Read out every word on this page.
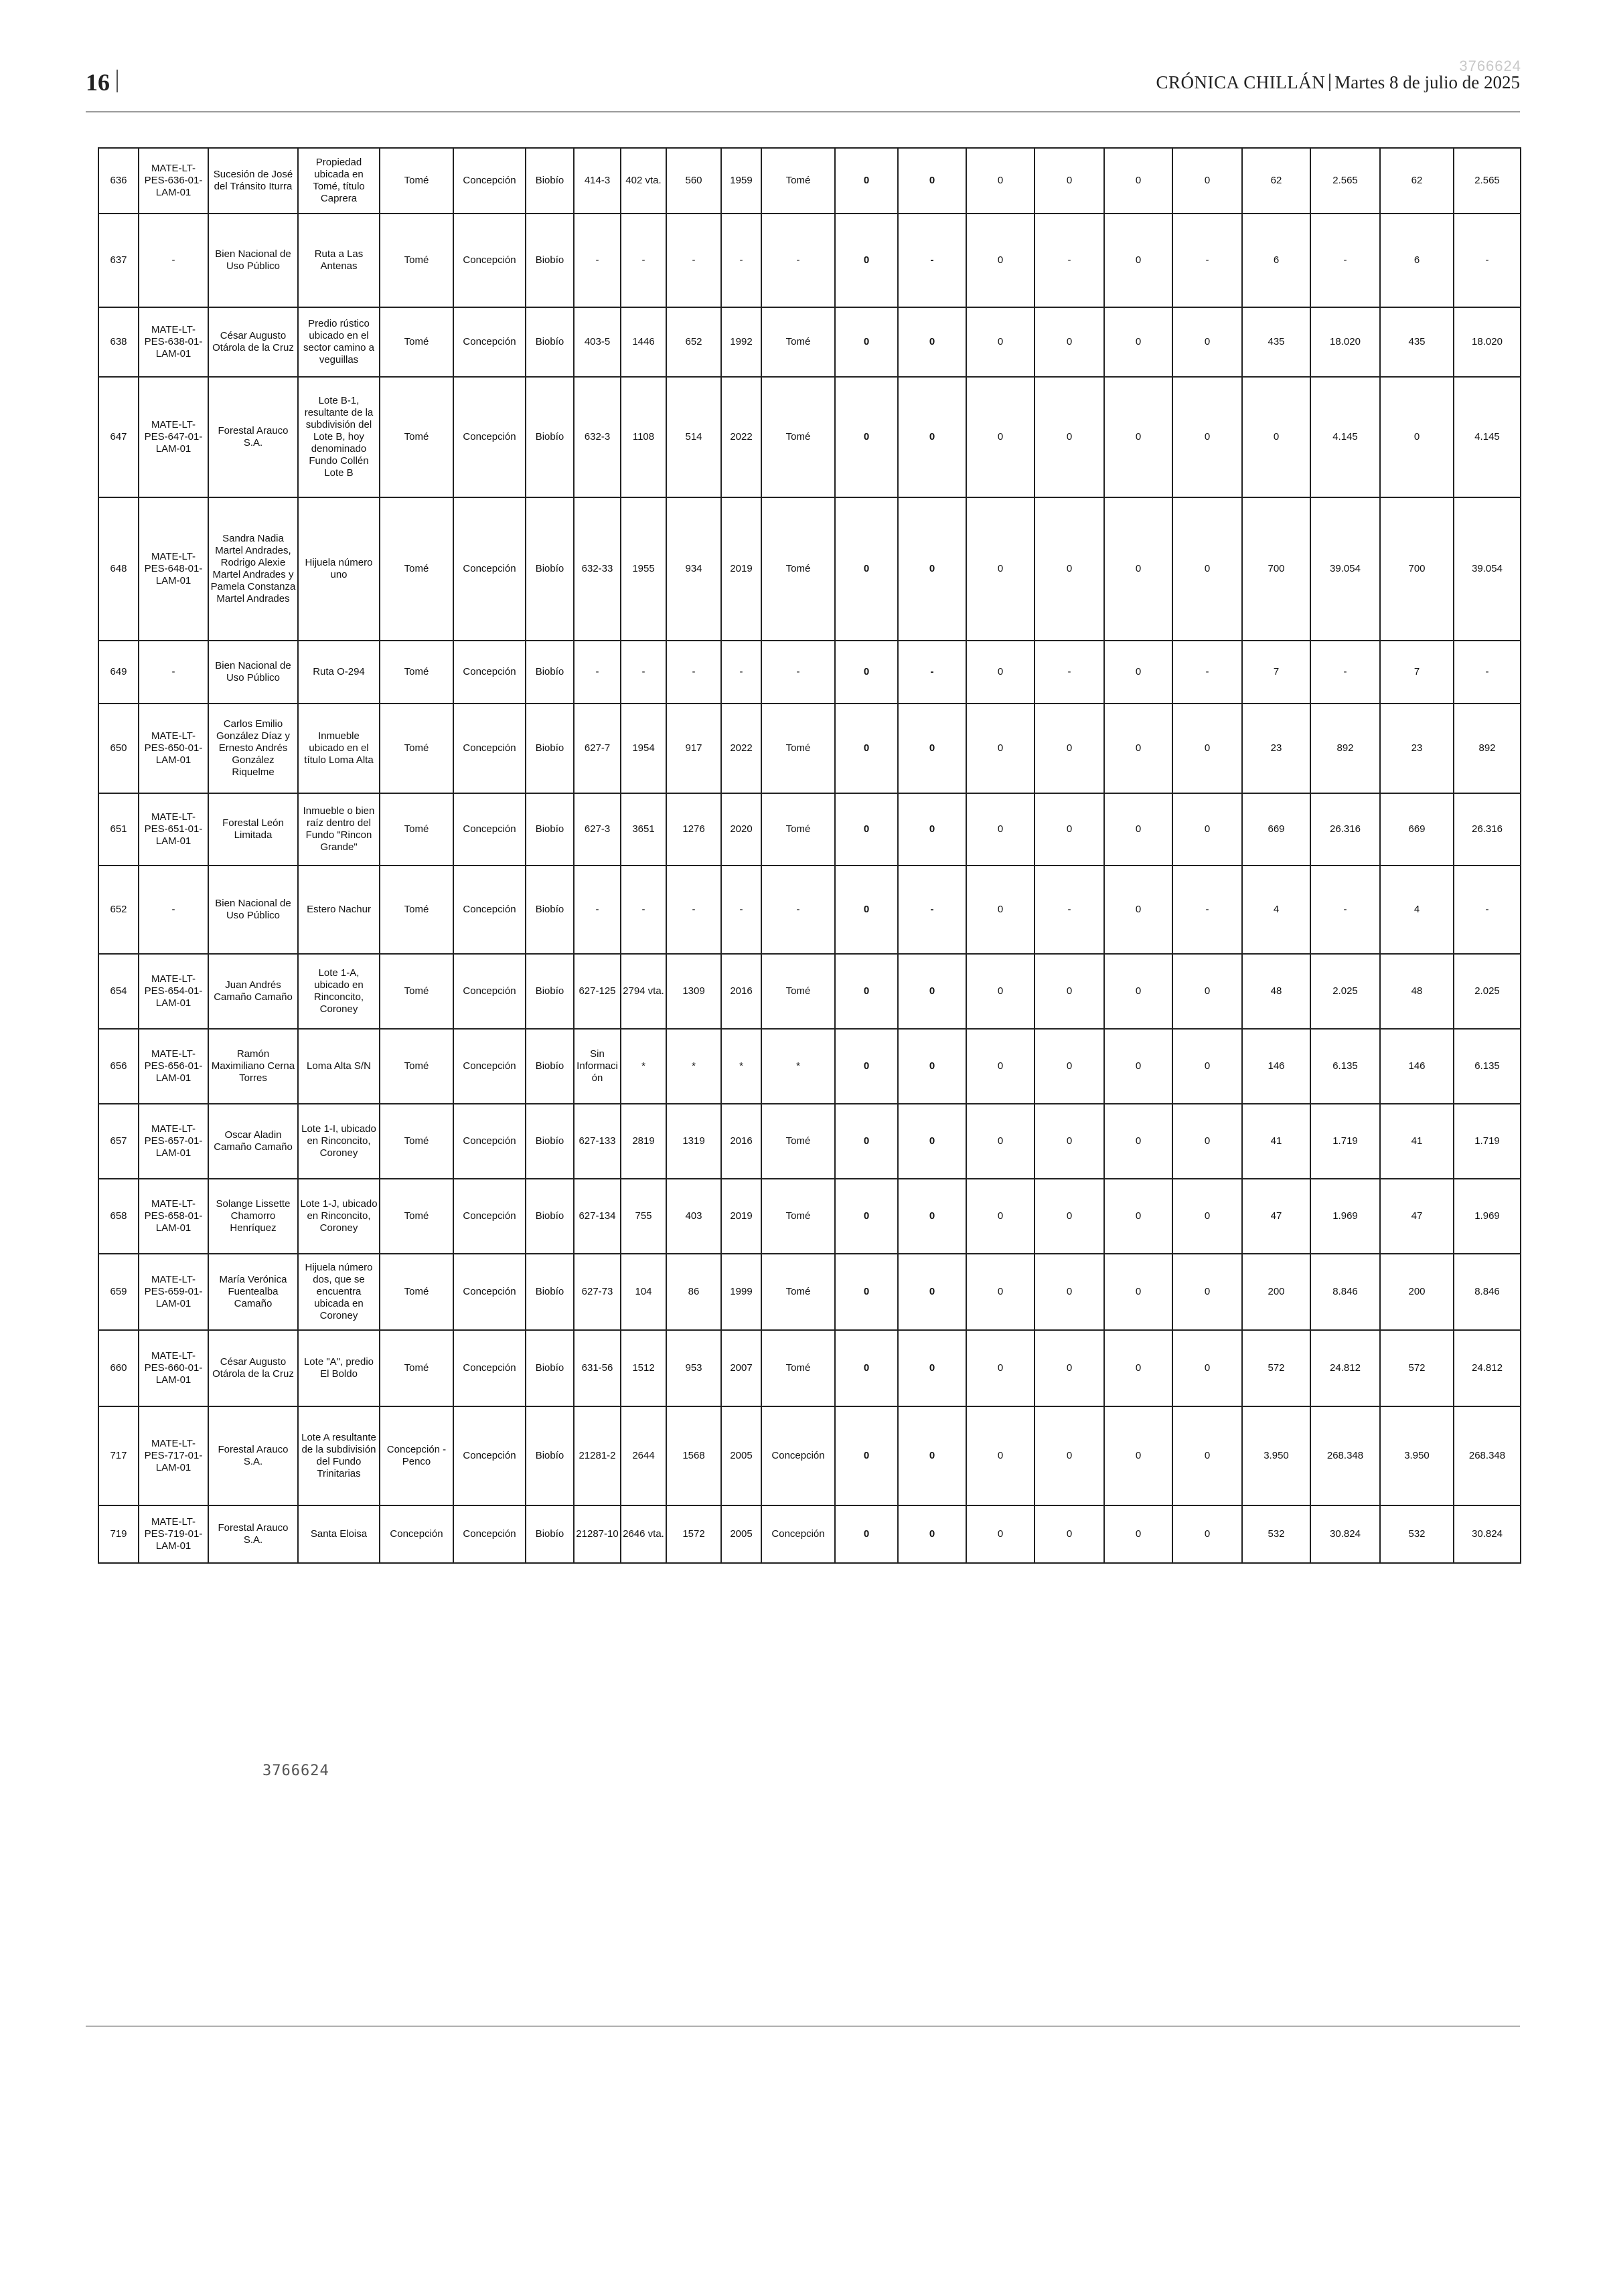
3766624
16	CRÓNICA CHILLÁN Martes 8 de julio de 2025
636	MATE-LT-PES-636-01-LAM-01	Sucesión de José del Tránsito Iturra	Propiedad ubicada en Tomé, título Caprera	Tomé	Concepción	Biobío	414-3	402 vta.	560	1959	Tomé	0	0	0	0	0	0	62	2.565	62	2.565
637	-	Bien Nacional de Uso Público	Ruta a Las Antenas	Tomé	Concepción	Biobío	-	-	-	-	-	0	-	0	-	0	-	6	-	6	-
638	MATE-LT-PES-638-01-LAM-01	César Augusto Otárola de la Cruz	Predio rústico ubicado en el sector camino a veguillas	Tomé	Concepción	Biobío	403-5	1446	652	1992	Tomé	0	0	0	0	0	0	435	18.020	435	18.020
647	MATE-LT-PES-647-01-LAM-01	Forestal Arauco S.A.	Lote B-1, resultante de la subdivisión del Lote B, hoy denominado Fundo Collén Lote B	Tomé	Concepción	Biobío	632-3	1108	514	2022	Tomé	0	0	0	0	0	0	0	4.145	0	4.145
648	MATE-LT-PES-648-01-LAM-01	Sandra Nadia Martel Andrades, Rodrigo Alexie Martel Andrades y Pamela Constanza Martel Andrades	Hijuela número uno	Tomé	Concepción	Biobío	632-33	1955	934	2019	Tomé	0	0	0	0	0	0	700	39.054	700	39.054
649	-	Bien Nacional de Uso Público	Ruta O-294	Tomé	Concepción	Biobío	-	-	-	-	-	0	-	0	-	0	-	7	-	7	-
650	MATE-LT-PES-650-01-LAM-01	Carlos Emilio González Díaz y Ernesto Andrés González Riquelme	Inmueble ubicado en el título Loma Alta	Tomé	Concepción	Biobío	627-7	1954	917	2022	Tomé	0	0	0	0	0	0	23	892	23	892
651	MATE-LT-PES-651-01-LAM-01	Forestal León Limitada	Inmueble o bien raíz dentro del Fundo "Rincon Grande"	Tomé	Concepción	Biobío	627-3	3651	1276	2020	Tomé	0	0	0	0	0	0	669	26.316	669	26.316
652	-	Bien Nacional de Uso Público	Estero Nachur	Tomé	Concepción	Biobío	-	-	-	-	-	0	-	0	-	0	-	4	-	4	-
654	MATE-LT-PES-654-01-LAM-01	Juan Andrés Camaño Camaño	Lote 1-A, ubicado en Rinconcito, Coroney	Tomé	Concepción	Biobío	627-125	2794 vta.	1309	2016	Tomé	0	0	0	0	0	0	48	2.025	48	2.025
656	MATE-LT-PES-656-01-LAM-01	Ramón Maximiliano Cerna Torres	Loma Alta S/N	Tomé	Concepción	Biobío	Sin Información	*	*	*	*	0	0	0	0	0	0	146	6.135	146	6.135
657	MATE-LT-PES-657-01-LAM-01	Oscar Aladin Camaño Camaño	Lote 1-I, ubicado en Rinconcito, Coroney	Tomé	Concepción	Biobío	627-133	2819	1319	2016	Tomé	0	0	0	0	0	0	41	1.719	41	1.719
658	MATE-LT-PES-658-01-LAM-01	Solange Lissette Chamorro Henríquez	Lote 1-J, ubicado en Rinconcito, Coroney	Tomé	Concepción	Biobío	627-134	755	403	2019	Tomé	0	0	0	0	0	0	47	1.969	47	1.969
659	MATE-LT-PES-659-01-LAM-01	María Verónica Fuentealba Camaño	Hijuela número dos, que se encuentra ubicada en Coroney	Tomé	Concepción	Biobío	627-73	104	86	1999	Tomé	0	0	0	0	0	0	200	8.846	200	8.846
660	MATE-LT-PES-660-01-LAM-01	César Augusto Otárola de la Cruz	Lote "A", predio El Boldo	Tomé	Concepción	Biobío	631-56	1512	953	2007	Tomé	0	0	0	0	0	0	572	24.812	572	24.812
717	MATE-LT-PES-717-01-LAM-01	Forestal Arauco S.A.	Lote A resultante de la subdivisión del Fundo Trinitarias	Concepción - Penco	Concepción	Biobío	21281-2	2644	1568	2005	Concepción	0	0	0	0	0	0	3.950	268.348	3.950	268.348
719	MATE-LT-PES-719-01-LAM-01	Forestal Arauco S.A.	Santa Eloisa	Concepción	Concepción	Biobío	21287-10	2646 vta.	1572	2005	Concepción	0	0	0	0	0	0	532	30.824	532	30.824
3766624
